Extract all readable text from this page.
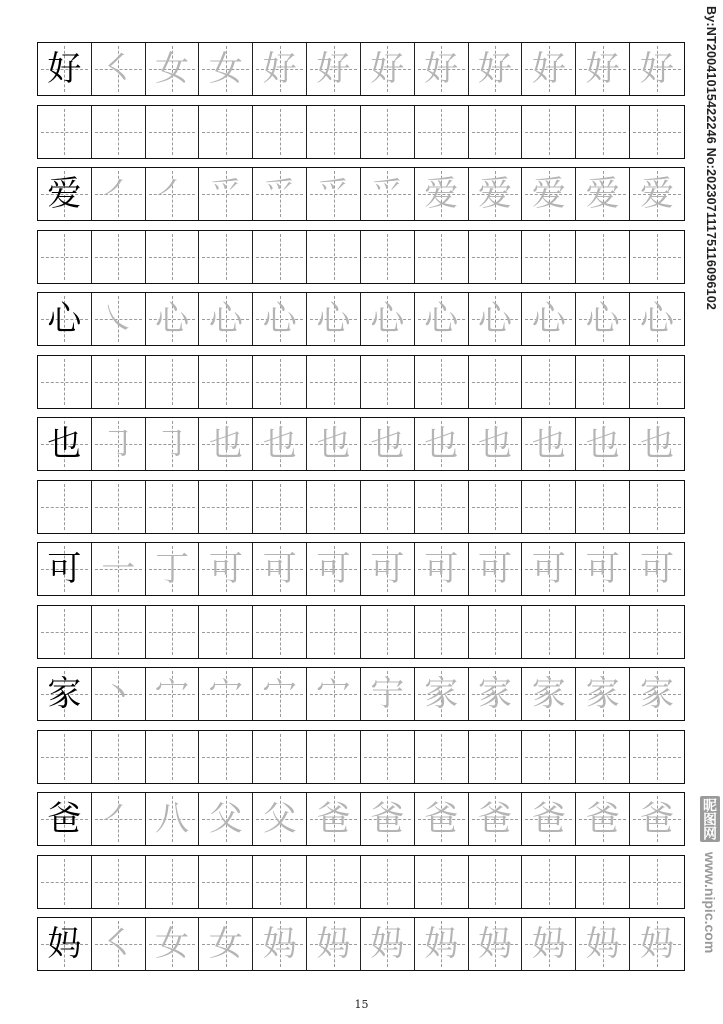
好 ㇛ 女 女 好 好 好 好 好 好 好 好
爱 ㇒ ㇒ 爫 爫 爫 爫 爱 爱 爱 爱 爱
心 ㇏ 心 心 心 心 心 心 心 心 心 心
也 ㇆ ㇆ 也 也 也 也 也 也 也 也 也
可 一 丁 可 可 可 可 可 可 可 可 可
家 丶 宀 宀 宀 宀 宁 家 家 家 家 家
爸 ㇒ 八 父 父 爸 爸 爸 爸 爸 爸 爸
妈 ㇛ 女 女 妈 妈 妈 妈 妈 妈 妈 妈
15
By:NT20041015422246 No:20230711175116096102
昵图网 www.nipic.com
